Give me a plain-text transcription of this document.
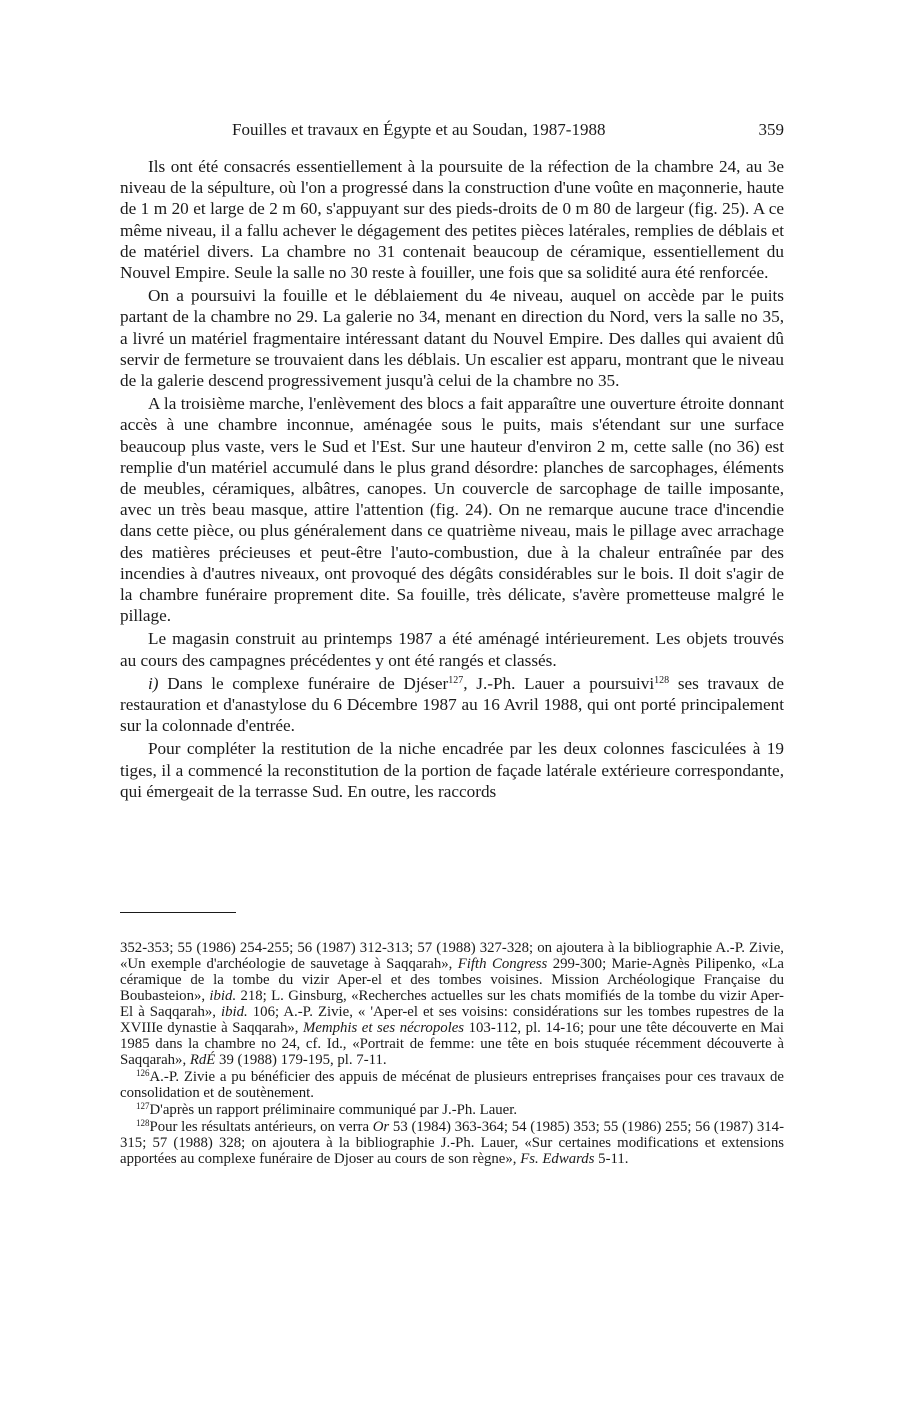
Fouilles et travaux en Égypte et au Soudan, 1987-1988	359

Ils ont été consacrés essentiellement à la poursuite de la réfection de la chambre 24, au 3e niveau de la sépulture, où l'on a progressé dans la construction d'une voûte en maçonnerie, haute de 1 m 20 et large de 2 m 60, s'appuyant sur des pieds-droits de 0 m 80 de largeur (fig. 25). A ce même niveau, il a fallu achever le dégagement des petites pièces latérales, remplies de déblais et de matériel divers. La chambre no 31 contenait beaucoup de céramique, essentiellement du Nouvel Empire. Seule la salle no 30 reste à fouiller, une fois que sa solidité aura été renforcée.

On a poursuivi la fouille et le déblaiement du 4e niveau, auquel on accède par le puits partant de la chambre no 29. La galerie no 34, menant en direction du Nord, vers la salle no 35, a livré un matériel fragmentaire intéressant datant du Nouvel Empire. Des dalles qui avaient dû servir de fermeture se trouvaient dans les déblais. Un escalier est apparu, montrant que le niveau de la galerie descend progressivement jusqu'à celui de la chambre no 35.

A la troisième marche, l'enlèvement des blocs a fait apparaître une ouverture étroite donnant accès à une chambre inconnue, aménagée sous le puits, mais s'étendant sur une surface beaucoup plus vaste, vers le Sud et l'Est. Sur une hauteur d'environ 2 m, cette salle (no 36) est remplie d'un matériel accumulé dans le plus grand désordre: planches de sarcophages, éléments de meubles, céramiques, albâtres, canopes. Un couvercle de sarcophage de taille imposante, avec un très beau masque, attire l'attention (fig. 24). On ne remarque aucune trace d'incendie dans cette pièce, ou plus généralement dans ce quatrième niveau, mais le pillage avec arrachage des matières précieuses et peut-être l'auto-combustion, due à la chaleur entraînée par des incendies à d'autres niveaux, ont provoqué des dégâts considérables sur le bois. Il doit s'agir de la chambre funéraire proprement dite. Sa fouille, très délicate, s'avère prometteuse malgré le pillage.

Le magasin construit au printemps 1987 a été aménagé intérieurement. Les objets trouvés au cours des campagnes précédentes y ont été rangés et classés.

i) Dans le complexe funéraire de Djéser$^{127}$, J.-Ph. Lauer a poursuivi$^{128}$ ses travaux de restauration et d'anastylose du 6 Décembre 1987 au 16 Avril 1988, qui ont porté principalement sur la colonnade d'entrée.

Pour compléter la restitution de la niche encadrée par les deux colonnes fasciculées à 19 tiges, il a commencé la reconstitution de la portion de façade latérale extérieure correspondante, qui émergeait de la terrasse Sud. En outre, les raccords

352-353; 55 (1986) 254-255; 56 (1987) 312-313; 57 (1988) 327-328; on ajoutera à la bibliographie A.-P. Zivie, «Un exemple d'archéologie de sauvetage à Saqqarah», Fifth Congress 299-300; Marie-Agnès Pilipenko, «La céramique de la tombe du vizir Aper-el et des tombes voisines. Mission Archéologique Française du Boubasteion», ibid. 218; L. Ginsburg, «Recherches actuelles sur les chats momifiés de la tombe du vizir Aper-El à Saqqarah», ibid. 106; A.-P. Zivie, « 'Aper-el et ses voisins: considérations sur les tombes rupestres de la XVIIIe dynastie à Saqqarah», Memphis et ses nécropoles 103-112, pl. 14-16; pour une tête découverte en Mai 1985 dans la chambre no 24, cf. Id., «Portrait de femme: une tête en bois stuquée récemment découverte à Saqqarah», RdÉ 39 (1988) 179-195, pl. 7-11.

$^{126}$A.-P. Zivie a pu bénéficier des appuis de mécénat de plusieurs entreprises françaises pour ces travaux de consolidation et de soutènement.

$^{127}$D'après un rapport préliminaire communiqué par J.-Ph. Lauer.

$^{128}$Pour les résultats antérieurs, on verra Or 53 (1984) 363-364; 54 (1985) 353; 55 (1986) 255; 56 (1987) 314-315; 57 (1988) 328; on ajoutera à la bibliographie J.-Ph. Lauer, «Sur certaines modifications et extensions apportées au complexe funéraire de Djoser au cours de son règne», Fs. Edwards 5-11.
